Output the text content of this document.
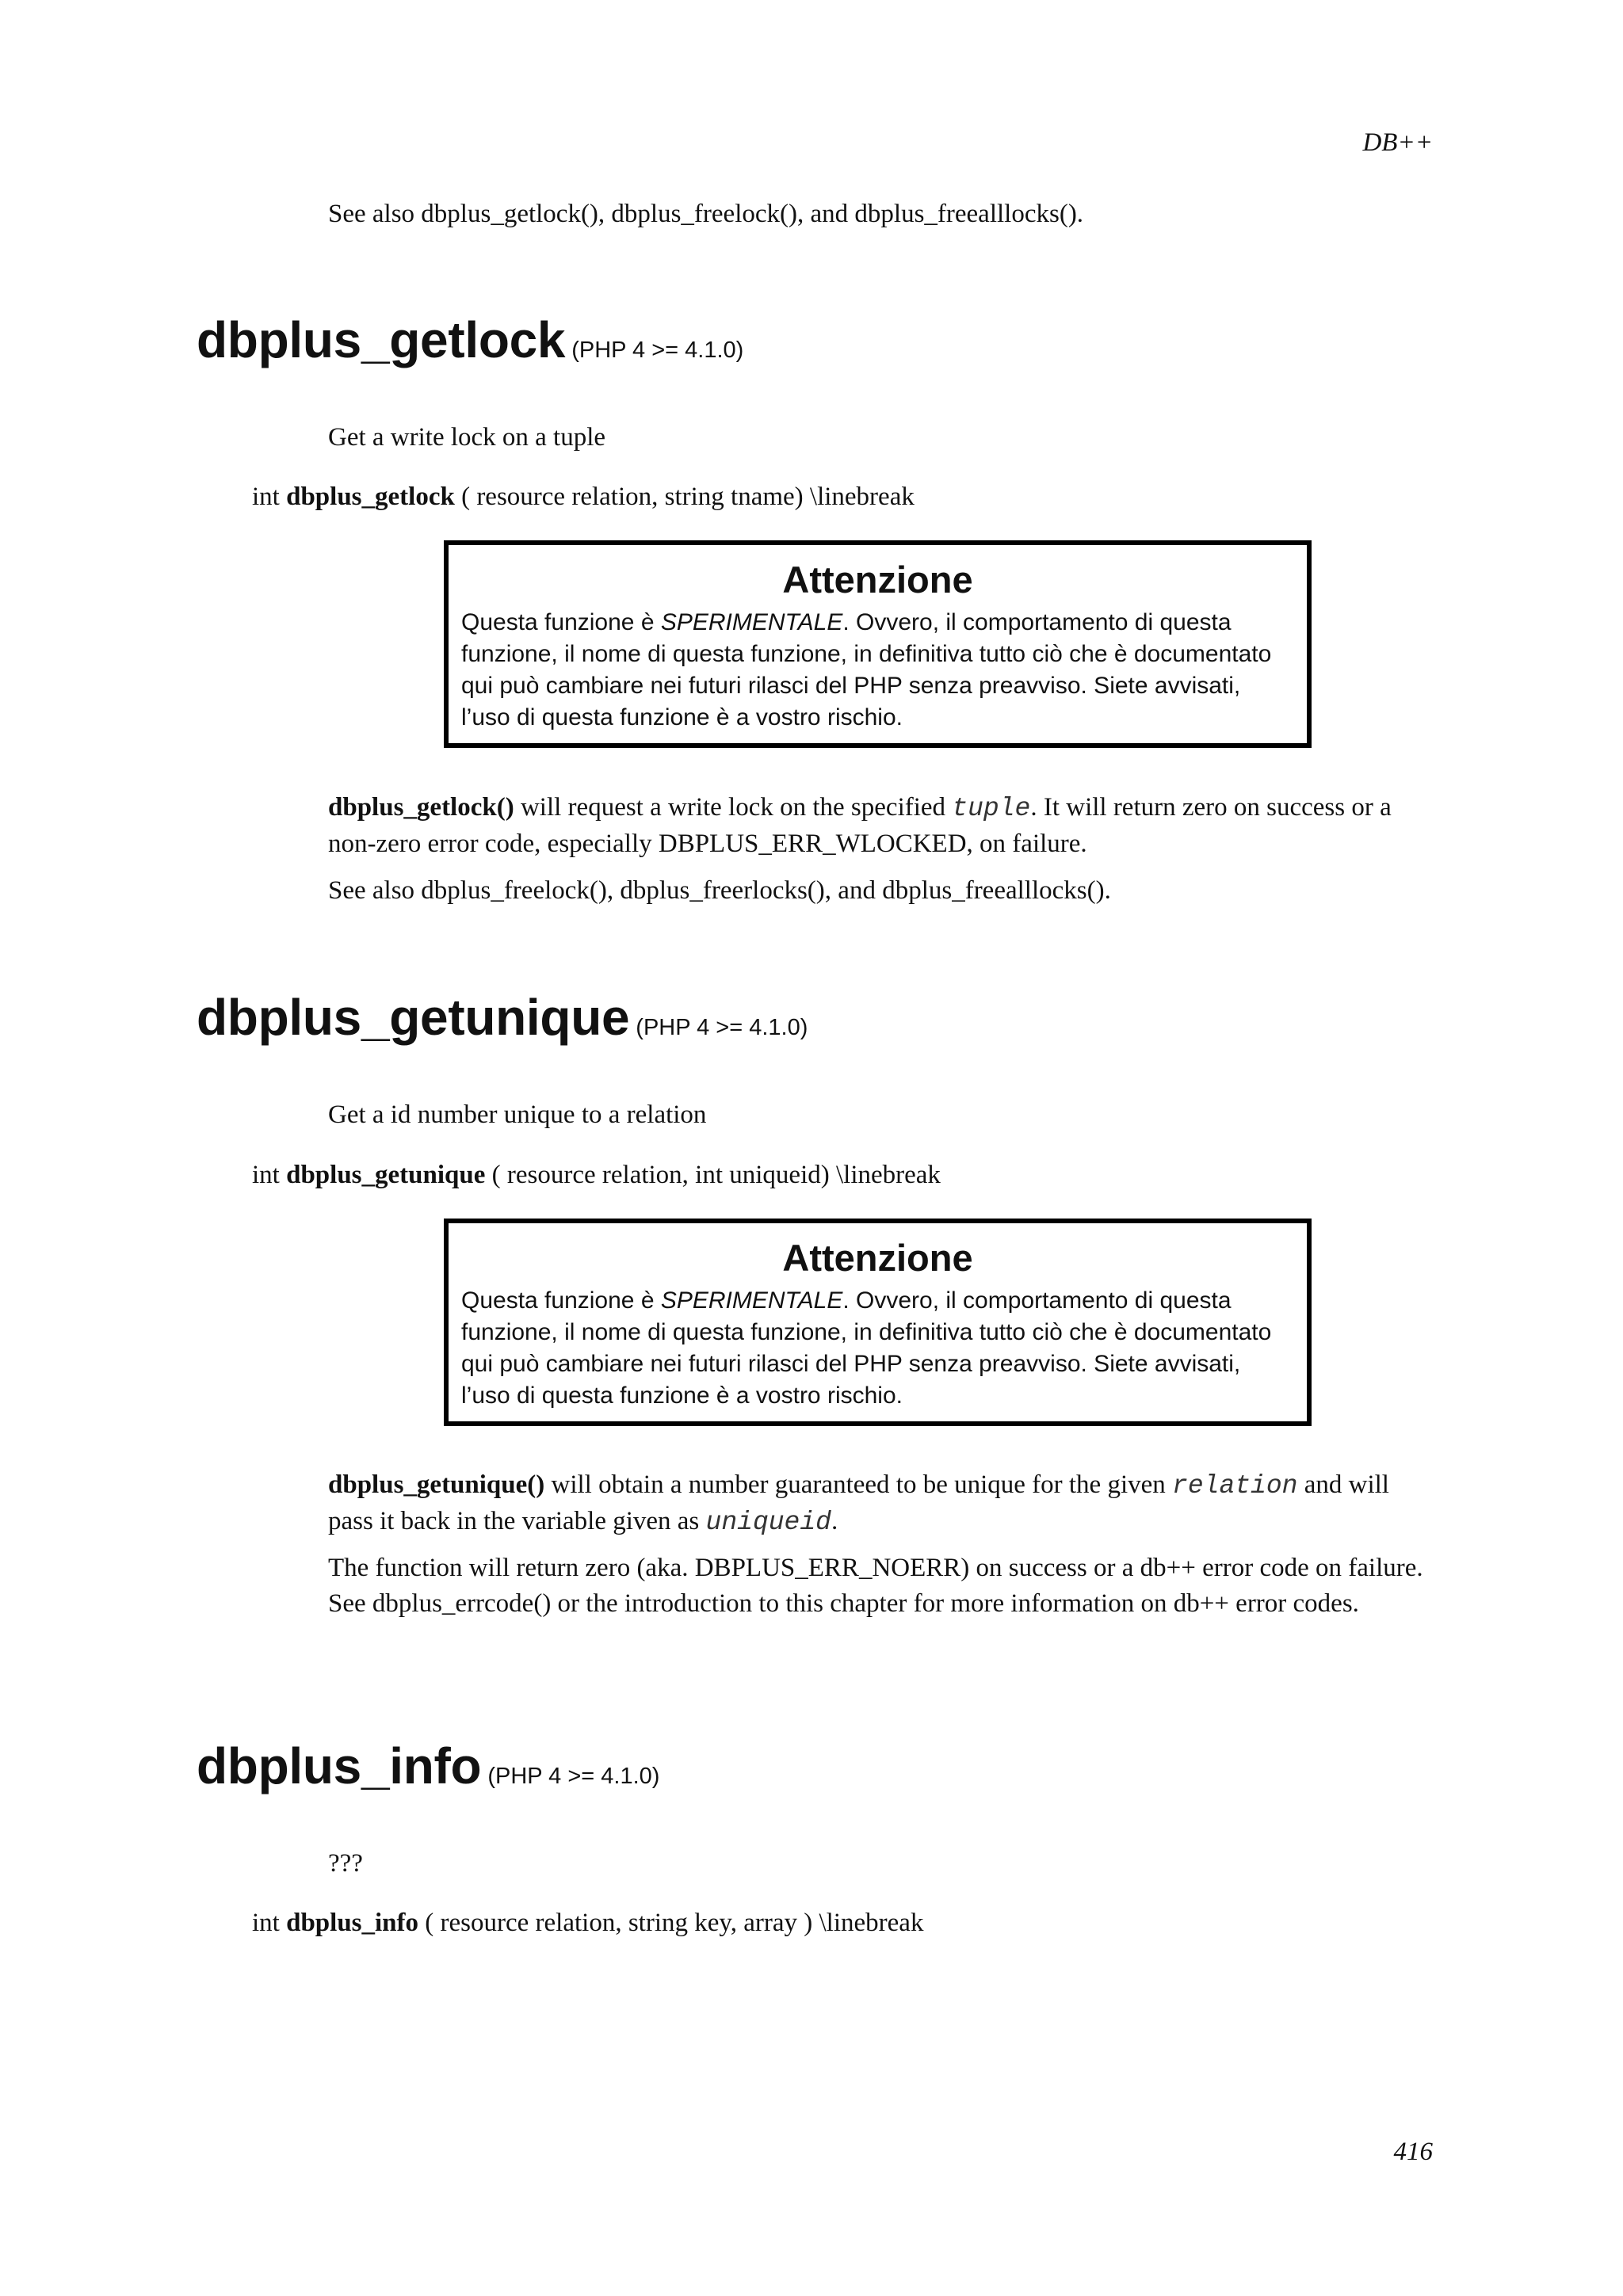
DB++

See also dbplus_getlock(), dbplus_freelock(), and dbplus_freealllocks().

dbplus_getlock (PHP 4 >= 4.1.0)

Get a write lock on a tuple

int dbplus_getlock ( resource relation, string tname) \linebreak

Attenzione

Questa funzione è SPERIMENTALE. Ovvero, il comportamento di questa funzione, il nome di questa funzione, in definitiva tutto ciò che è documentato qui può cambiare nei futuri rilasci del PHP senza preavviso. Siete avvisati, l’uso di questa funzione è a vostro rischio.

dbplus_getlock() will request a write lock on the specified tuple. It will return zero on success or a non-zero error code, especially DBPLUS_ERR_WLOCKED, on failure.

See also dbplus_freelock(), dbplus_freerlocks(), and dbplus_freealllocks().

dbplus_getunique (PHP 4 >= 4.1.0)

Get a id number unique to a relation

int dbplus_getunique ( resource relation, int uniqueid) \linebreak

Attenzione

Questa funzione è SPERIMENTALE. Ovvero, il comportamento di questa funzione, il nome di questa funzione, in definitiva tutto ciò che è documentato qui può cambiare nei futuri rilasci del PHP senza preavviso. Siete avvisati, l’uso di questa funzione è a vostro rischio.

dbplus_getunique() will obtain a number guaranteed to be unique for the given relation and will pass it back in the variable given as uniqueid.

The function will return zero (aka. DBPLUS_ERR_NOERR) on success or a db++ error code on failure. See dbplus_errcode() or the introduction to this chapter for more information on db++ error codes.

dbplus_info (PHP 4 >= 4.1.0)

???

int dbplus_info ( resource relation, string key, array ) \linebreak

416
